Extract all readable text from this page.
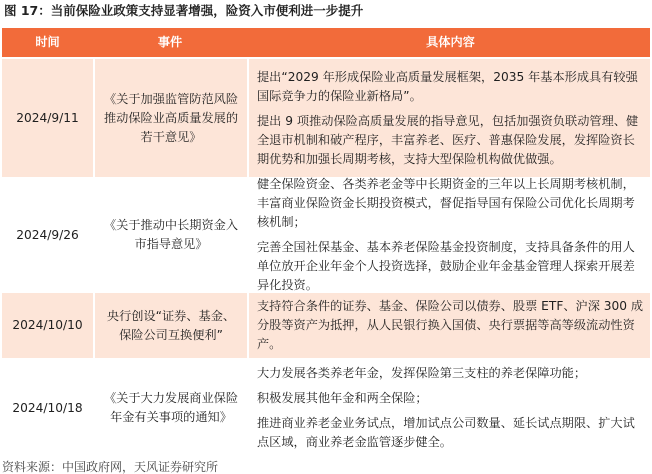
图 17：当前保险业政策支持显著增强，险资入市便利进一步提升
时间	事件	具体内容
2024/9/11
《关于加强监管防范风险推动保险业高质量发展的若干意见》
提出“2029 年形成保险业高质量发展框架，2035 年基本形成具有较强国际竞争力的保险业新格局”。
提出 9 项推动保险高质量发展的指导意见，包括加强资负联动管理、健全退市机制和破产程序，丰富养老、医疗、普惠保险发展，发挥险资长期优势和加强长周期考核，支持大型保险机构做优做强。
2024/9/26
《关于推动中长期资金入市指导意见》
健全保险资金、各类养老金等中长期资金的三年以上长周期考核机制，丰富商业保险资金长期投资模式，督促指导国有保险公司优化长周期考核机制；
完善全国社保基金、基本养老保险基金投资制度，支持具备条件的用人单位放开企业年金个人投资选择，鼓励企业年金基金管理人探索开展差异化投资。
2024/10/10
央行创设“证券、基金、保险公司互换便利”
支持符合条件的证券、基金、保险公司以债券、股票 ETF、沪深 300 成分股等资产为抵押，从人民银行换入国债、央行票据等高等级流动性资产。
2024/10/18
《关于大力发展商业保险年金有关事项的通知》
大力发展各类养老年金，发挥保险第三支柱的养老保障功能；
积极发展其他年金和两全保险；
推进商业养老金业务试点，增加试点公司数量、延长试点期限、扩大试点区域，商业养老金监管逐步健全。
资料来源：中国政府网，天风证券研究所
